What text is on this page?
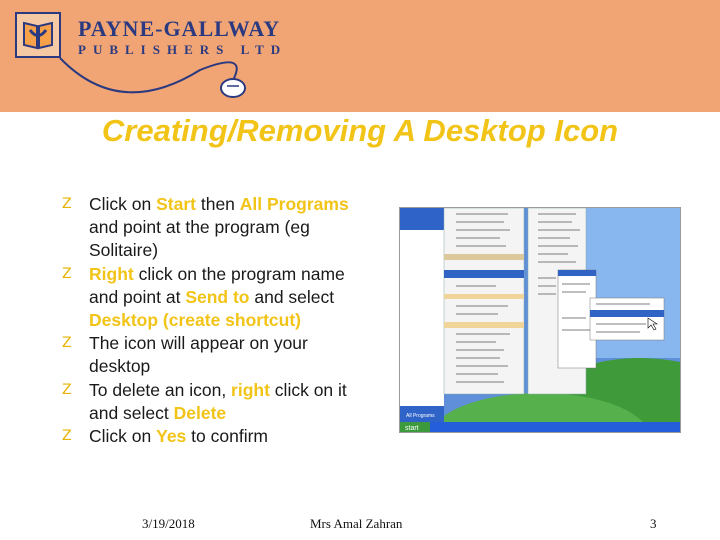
PAYNE-GALLWAY
PUBLISHERS LTD
Creating/Removing A Desktop Icon
Z Click on Start then All Programs and point at the program (eg Solitaire)
Z Right click on the program name and point at Send to and select Desktop (create shortcut)
Z The icon will appear on your desktop
Z To delete an icon, right click on it and select Delete
Z Click on Yes to confirm	start
All Programs
3/19/2018	Mrs Amal Zahran	3
